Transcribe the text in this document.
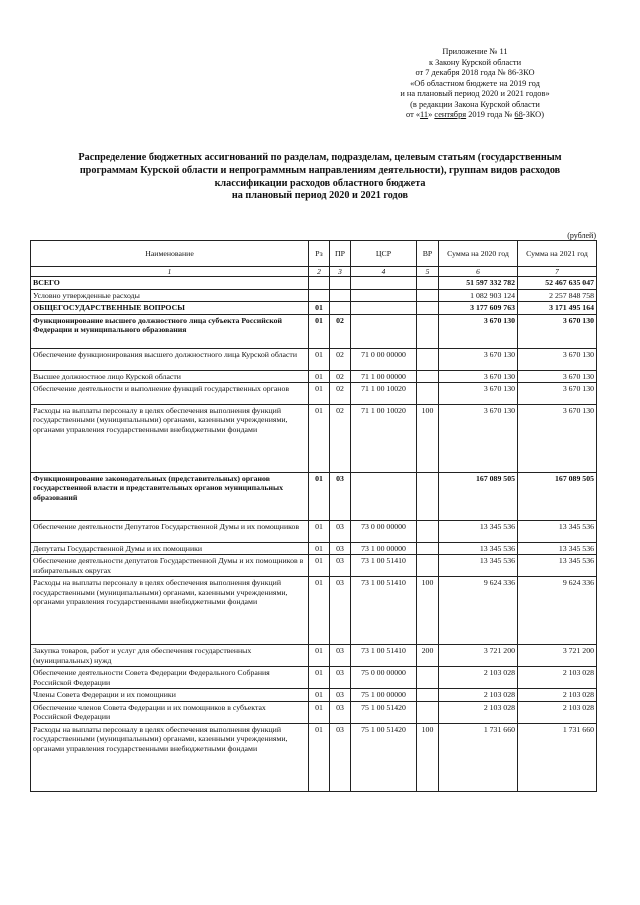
Приложение № 11
к Закону Курской области
от 7 декабря 2018 года № 86-ЗКО
«Об областном бюджете на 2019 год
и на плановый период 2020 и 2021 годов»
(в редакции Закона Курской области
от «11» сентября 2019 года № 68-ЗКО)
Распределение бюджетных ассигнований по разделам, подразделам, целевым статьям (государственным
программам Курской области и непрограммным направлениям деятельности), группам видов расходов
классификации расходов областного бюджета
на плановый период 2020 и 2021 годов
(рублей)
Наименование	Рз	ПР	ЦСР	ВР	Сумма на 2020 год	Сумма на 2021 год
1	2	3	4	5	6	7
ВСЕГО					51 597 332 782	52 467 635 047
Условно утвержденные расходы					1 082 903 124	2 257 848 758
ОБЩЕГОСУДАРСТВЕННЫЕ ВОПРОСЫ	01				3 177 609 763	3 171 495 164
Функционирование высшего должностного лица субъекта Российской Федерации и муниципального образования	01	02			3 670 130	3 670 130
Обеспечение функционирования высшего должностного лица Курской области	01	02	71 0 00 00000		3 670 130	3 670 130
Высшее должностное лицо Курской области	01	02	71 1 00 00000		3 670 130	3 670 130
Обеспечение деятельности и выполнение функций государственных органов	01	02	71 1 00 10020		3 670 130	3 670 130
Расходы на выплаты персоналу в целях обеспечения выполнения функций государственными (муниципальными) органами, казенными учреждениями, органами управления государственными внебюджетными фондами	01	02	71 1 00 10020	100	3 670 130	3 670 130
Функционирование законодательных (представительных) органов государственной власти и представительных органов муниципальных образований	01	03			167 089 505	167 089 505
Обеспечение деятельности Депутатов Государственной Думы и их помощников	01	03	73 0 00 00000		13 345 536	13 345 536
Депутаты Государственной Думы и их помощники	01	03	73 1 00 00000		13 345 536	13 345 536
Обеспечение деятельности депутатов Государственной Думы и их помощников в избирательных округах	01	03	73 1 00 51410		13 345 536	13 345 536
Расходы на выплаты персоналу в целях обеспечения выполнения функций государственными (муниципальными) органами, казенными учреждениями, органами управления государственными внебюджетными фондами	01	03	73 1 00 51410	100	9 624 336	9 624 336
Закупка товаров, работ и услуг для обеспечения государственных (муниципальных) нужд	01	03	73 1 00 51410	200	3 721 200	3 721 200
Обеспечение деятельности Совета Федерации Федерального Собрания Российской Федерации	01	03	75 0 00 00000		2 103 028	2 103 028
Члены Совета Федерации и их помощники	01	03	75 1 00 00000		2 103 028	2 103 028
Обеспечение членов Совета Федерации и их помощников в субъектах Российской Федерации	01	03	75 1 00 51420		2 103 028	2 103 028
Расходы на выплаты персоналу в целях обеспечения выполнения функций государственными (муниципальными) органами, казенными учреждениями, органами управления государственными внебюджетными фондами	01	03	75 1 00 51420	100	1 731 660	1 731 660
